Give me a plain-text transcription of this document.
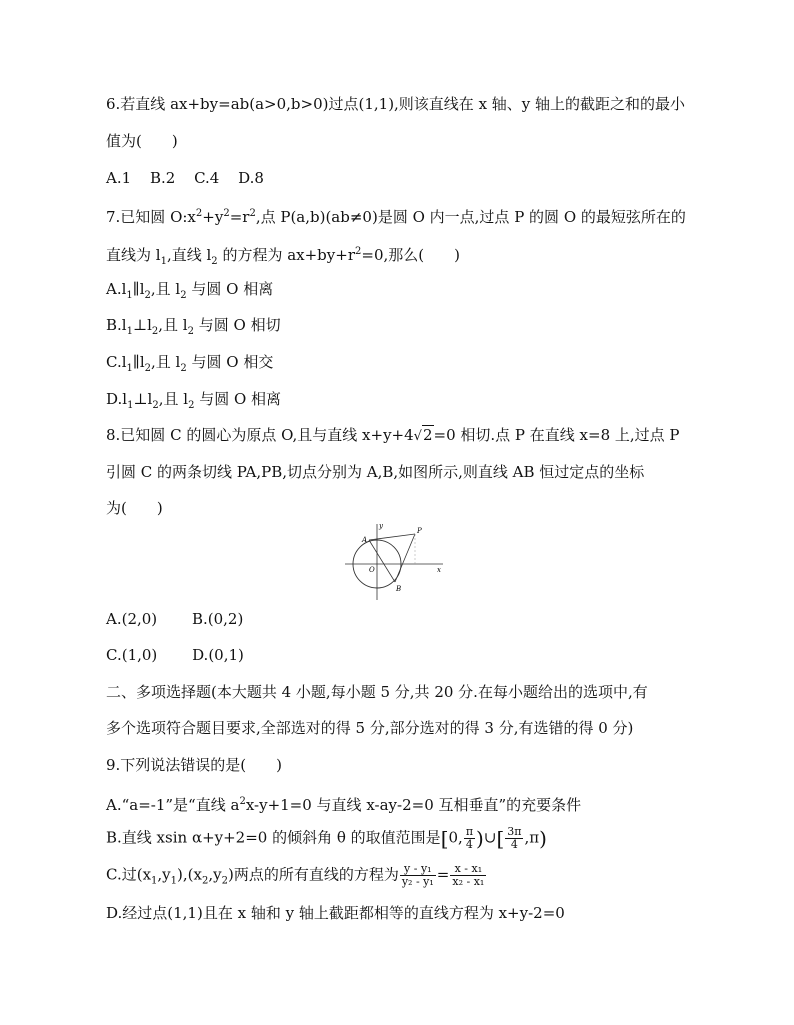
6.若直线 ax+by=ab(a>0,b>0)过点(1,1),则该直线在 x 轴、y 轴上的截距之和的最小
值为(　　)
A.1 B.2 C.4 D.8
7.已知圆 $O:x^2+y^2=r^2$,点 P(a,b)(ab≠0)是圆 O 内一点,过点 P 的圆 O 的最短弦所在的
直线为 $l_1$,直线 $l_2$ 的方程为 $ax+by+r^2=0$,那么(　　)
$A.l_1\parallel l_2$,且 $l_2$ 与圆 O 相离
$B.l_1\perp l_2$,且 $l_2$ 与圆 O 相切
$C.l_1\parallel l_2$,且 $l_2$ 与圆 O 相交
$D.l_1\perp l_2$,且 $l_2$ 与圆 O 相离
8.已知圆 C 的圆心为原点 O,且与直线 x+y+4√2=0 相切.点 P 在直线 x=8 上,过点 P
引圆 C 的两条切线 PA,PB,切点分别为 A,B,如图所示,则直线 AB 恒过定点的坐标
为(　　)
y
x
A
P
O
B
A.(2,0) B.(0,2)
C.(1,0) D.(0,1)
二、多项选择题(本大题共 4 小题,每小题 5 分,共 20 分.在每小题给出的选项中,有
多个选项符合题目要求,全部选对的得 5 分,部分选对的得 3 分,有选错的得 0 分)
9.下列说法错误的是(　　)
A.“a=-1”是“直线 $a^2x-y+1=0$ 与直线 x-ay-2=0 互相垂直”的充要条件
B.直线 xsin α+y+2=0 的倾斜角 θ 的取值范围是[0, $\frac{\pi}{4}$ )∪[ $\frac{3\pi}{4} ,\pi$)
C.过$(x_1,y_1),(x_2,y_2)$两点的所有直线的方程为 $\frac{\text{y - y₁}}{\text{y₂ - y₁}} = \frac{\text{x - x₁}}{\text{x₂ - x₁}}$
D.经过点(1,1)且在 x 轴和 y 轴上截距都相等的直线方程为 x+y-2=0
